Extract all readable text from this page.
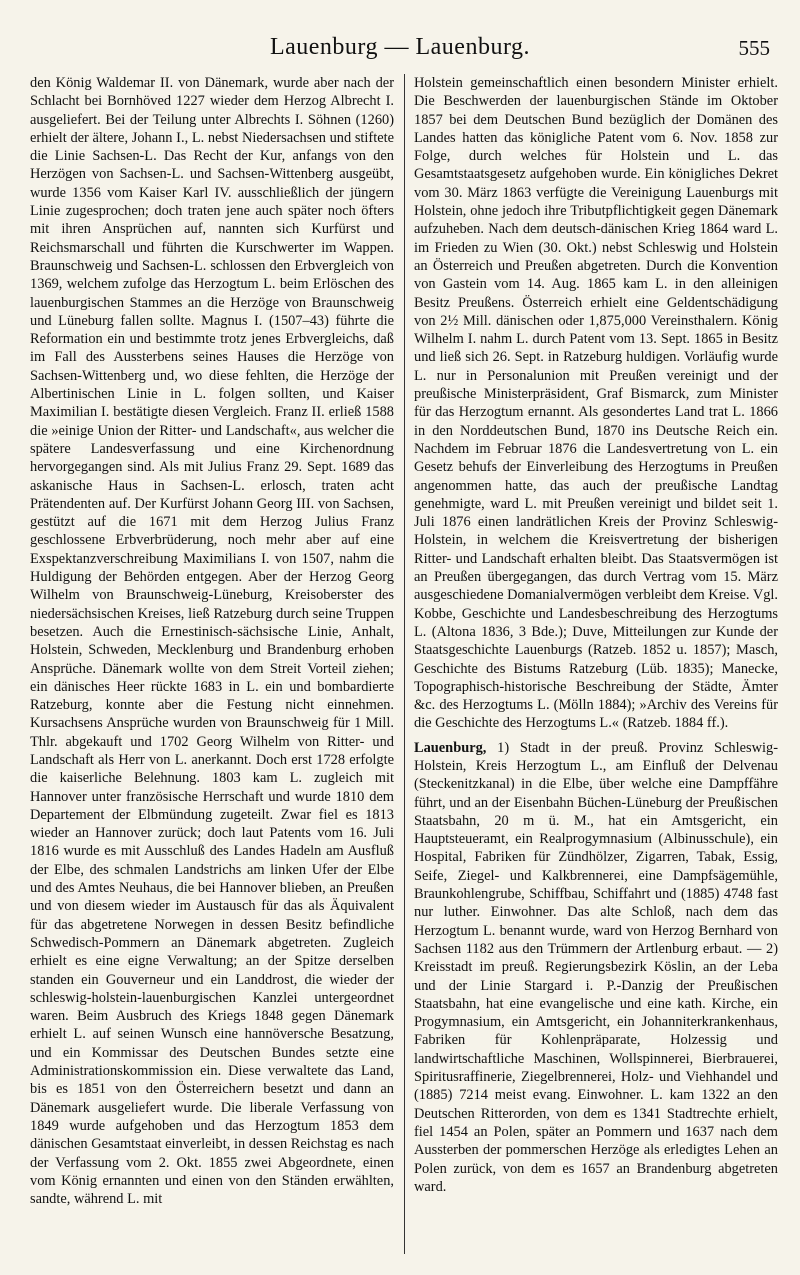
Lauenburg — Lauenburg.	555

den König Waldemar II. von Dänemark, wurde aber nach der Schlacht bei Bornhöved 1227 wieder dem Herzog Albrecht I. ausgeliefert. Bei der Teilung unter Albrechts I. Söhnen (1260) erhielt der ältere, Johann I., L. nebst Niedersachsen und stiftete die Linie Sachsen-L. Das Recht der Kur, anfangs von den Herzögen von Sachsen-L. und Sachsen-Wittenberg ausgeübt, wurde 1356 vom Kaiser Karl IV. ausschließlich der jüngern Linie zugesprochen; doch traten jene auch später noch öfters mit ihren Ansprüchen auf, nannten sich Kurfürst und Reichsmarschall und führten die Kurschwerter im Wappen. Braunschweig und Sachsen-L. schlossen den Erbvergleich von 1369, welchem zufolge das Herzogtum L. beim Erlöschen des lauenburgischen Stammes an die Herzöge von Braunschweig und Lüneburg fallen sollte. Magnus I. (1507–43) führte die Reformation ein und bestimmte trotz jenes Erbvergleichs, daß im Fall des Aussterbens seines Hauses die Herzöge von Sachsen-Wittenberg und, wo diese fehlten, die Herzöge der Albertinischen Linie in L. folgen sollten, und Kaiser Maximilian I. bestätigte diesen Vergleich. Franz II. erließ 1588 die »einige Union der Ritter- und Landschaft«, aus welcher die spätere Landesverfassung und eine Kirchenordnung hervorgegangen sind. Als mit Julius Franz 29. Sept. 1689 das askanische Haus in Sachsen-L. erlosch, traten acht Prätendenten auf. Der Kurfürst Johann Georg III. von Sachsen, gestützt auf die 1671 mit dem Herzog Julius Franz geschlossene Erbverbrüderung, noch mehr aber auf eine Exspektanzverschreibung Maximilians I. von 1507, nahm die Huldigung der Behörden entgegen. Aber der Herzog Georg Wilhelm von Braunschweig-Lüneburg, Kreisoberster des niedersächsischen Kreises, ließ Ratzeburg durch seine Truppen besetzen. Auch die Ernestinisch-sächsische Linie, Anhalt, Holstein, Schweden, Mecklenburg und Brandenburg erhoben Ansprüche. Dänemark wollte von dem Streit Vorteil ziehen; ein dänisches Heer rückte 1683 in L. ein und bombardierte Ratzeburg, konnte aber die Festung nicht einnehmen. Kursachsens Ansprüche wurden von Braunschweig für 1 Mill. Thlr. abgekauft und 1702 Georg Wilhelm von Ritter- und Landschaft als Herr von L. anerkannt. Doch erst 1728 erfolgte die kaiserliche Belehnung. 1803 kam L. zugleich mit Hannover unter französische Herrschaft und wurde 1810 dem Departement der Elbmündung zugeteilt. Zwar fiel es 1813 wieder an Hannover zurück; doch laut Patents vom 16. Juli 1816 wurde es mit Ausschluß des Landes Hadeln am Ausfluß der Elbe, des schmalen Landstrichs am linken Ufer der Elbe und des Amtes Neuhaus, die bei Hannover blieben, an Preußen und von diesem wieder im Austausch für das als Äquivalent für das abgetretene Norwegen in dessen Besitz befindliche Schwedisch-Pommern an Dänemark abgetreten. Zugleich erhielt es eine eigne Verwaltung; an der Spitze derselben standen ein Gouverneur und ein Landdrost, die wieder der schleswig-holstein-lauenburgischen Kanzlei untergeordnet waren. Beim Ausbruch des Kriegs 1848 gegen Dänemark erhielt L. auf seinen Wunsch eine hannöversche Besatzung, und ein Kommissar des Deutschen Bundes setzte eine Administrationskommission ein. Diese verwaltete das Land, bis es 1851 von den Österreichern besetzt und dann an Dänemark ausgeliefert wurde. Die liberale Verfassung von 1849 wurde aufgehoben und das Herzogtum 1853 dem dänischen Gesamtstaat einverleibt, in dessen Reichstag es nach der Verfassung vom 2. Okt. 1855 zwei Abgeordnete, einen vom König ernannten und einen von den Ständen erwählten, sandte, während L. mit

Holstein gemeinschaftlich einen besondern Minister erhielt. Die Beschwerden der lauenburgischen Stände im Oktober 1857 bei dem Deutschen Bund bezüglich der Domänen des Landes hatten das königliche Patent vom 6. Nov. 1858 zur Folge, durch welches für Holstein und L. das Gesamtstaatsgesetz aufgehoben wurde. Ein königliches Dekret vom 30. März 1863 verfügte die Vereinigung Lauenburgs mit Holstein, ohne jedoch ihre Tributpflichtigkeit gegen Dänemark aufzuheben. Nach dem deutsch-dänischen Krieg 1864 ward L. im Frieden zu Wien (30. Okt.) nebst Schleswig und Holstein an Österreich und Preußen abgetreten. Durch die Konvention von Gastein vom 14. Aug. 1865 kam L. in den alleinigen Besitz Preußens. Österreich erhielt eine Geldentschädigung von 2½ Mill. dänischen oder 1,875,000 Vereinsthalern. König Wilhelm I. nahm L. durch Patent vom 13. Sept. 1865 in Besitz und ließ sich 26. Sept. in Ratzeburg huldigen. Vorläufig wurde L. nur in Personalunion mit Preußen vereinigt und der preußische Ministerpräsident, Graf Bismarck, zum Minister für das Herzogtum ernannt. Als gesondertes Land trat L. 1866 in den Norddeutschen Bund, 1870 ins Deutsche Reich ein. Nachdem im Februar 1876 die Landesvertretung von L. ein Gesetz behufs der Einverleibung des Herzogtums in Preußen angenommen hatte, das auch der preußische Landtag genehmigte, ward L. mit Preußen vereinigt und bildet seit 1. Juli 1876 einen landrätlichen Kreis der Provinz Schleswig-Holstein, in welchem die Kreisvertretung der bisherigen Ritter- und Landschaft erhalten bleibt. Das Staatsvermögen ist an Preußen übergegangen, das durch Vertrag vom 15. März ausgeschiedene Domanialvermögen verbleibt dem Kreise. Vgl. Kobbe, Geschichte und Landesbeschreibung des Herzogtums L. (Altona 1836, 3 Bde.); Duve, Mitteilungen zur Kunde der Staatsgeschichte Lauenburgs (Ratzeb. 1852 u. 1857); Masch, Geschichte des Bistums Ratzeburg (Lüb. 1835); Manecke, Topographisch-historische Beschreibung der Städte, Ämter &c. des Herzogtums L. (Mölln 1884); »Archiv des Vereins für die Geschichte des Herzogtums L.« (Ratzeb. 1884 ff.).

Lauenburg, 1) Stadt in der preuß. Provinz Schleswig-Holstein, Kreis Herzogtum L., am Einfluß der Delvenau (Steckenitzkanal) in die Elbe, über welche eine Dampffähre führt, und an der Eisenbahn Büchen-Lüneburg der Preußischen Staatsbahn, 20 m ü. M., hat ein Amtsgericht, ein Hauptsteueramt, ein Realprogymnasium (Albinusschule), ein Hospital, Fabriken für Zündhölzer, Zigarren, Tabak, Essig, Seife, Ziegel- und Kalkbrennerei, eine Dampfsägemühle, Braunkohlengrube, Schiffbau, Schiffahrt und (1885) 4748 fast nur luther. Einwohner. Das alte Schloß, nach dem das Herzogtum L. benannt wurde, ward von Herzog Bernhard von Sachsen 1182 aus den Trümmern der Artlenburg erbaut. — 2) Kreisstadt im preuß. Regierungsbezirk Köslin, an der Leba und der Linie Stargard i. P.-Danzig der Preußischen Staatsbahn, hat eine evangelische und eine kath. Kirche, ein Progymnasium, ein Amtsgericht, ein Johanniterkrankenhaus, Fabriken für Kohlenpräparate, Holzessig und landwirtschaftliche Maschinen, Wollspinnerei, Bierbrauerei, Spiritusraffinerie, Ziegelbrennerei, Holz- und Viehhandel und (1885) 7214 meist evang. Einwohner. L. kam 1322 an den Deutschen Ritterorden, von dem es 1341 Stadtrechte erhielt, fiel 1454 an Polen, später an Pommern und 1637 nach dem Aussterben der pommerschen Herzöge als erledigtes Lehen an Polen zurück, von dem es 1657 an Brandenburg abgetreten ward.
